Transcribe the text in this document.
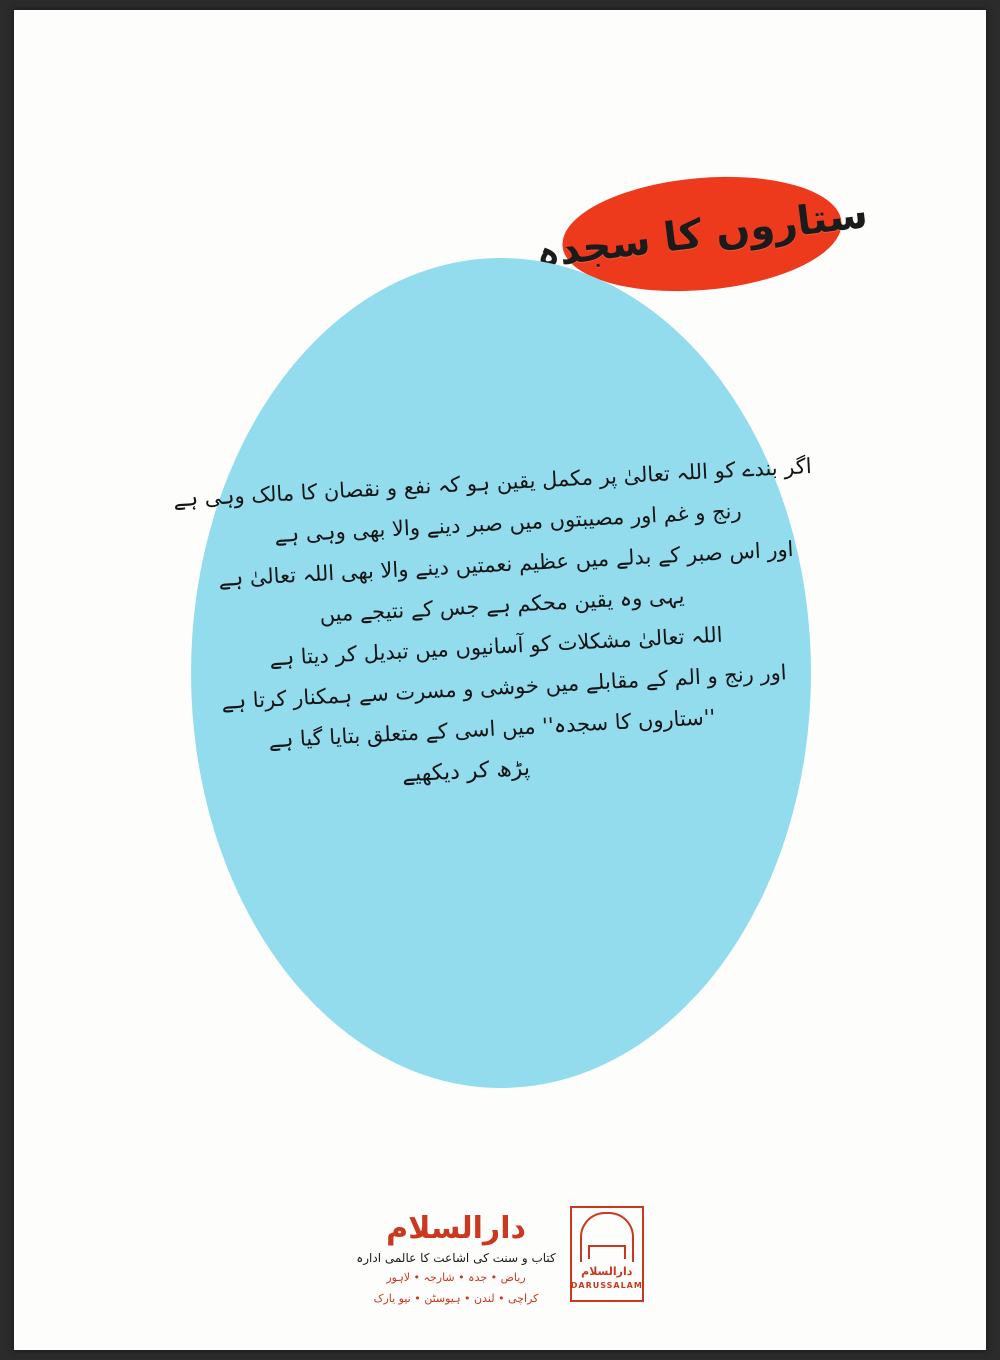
ستاروں کا سجدہ
اگر بندے کو اللہ تعالیٰ پر مکمل یقین ہو کہ نفع و نقصان کا مالک وہی ہے
رنج و غم اور مصیبتوں میں صبر دینے والا بھی وہی ہے
اور اس صبر کے بدلے میں عظیم نعمتیں دینے والا بھی اللہ تعالیٰ ہے
یہی وہ یقین محکم ہے جس کے نتیجے میں
اللہ تعالیٰ مشکلات کو آسانیوں میں تبدیل کر دیتا ہے
اور رنج و الم کے مقابلے میں خوشی و مسرت سے ہمکنار کرتا ہے
''ستاروں کا سجدہ'' میں اسی کے متعلق بتایا گیا ہے
پڑھ کر دیکھیے
دارالسلام
کتاب و سنت کی اشاعت کا عالمی ادارہ
ریاض • جدہ • شارجہ • لاہور
کراچی • لندن • ہیوسٹن • نیو یارک
دارالسلام
DARUSSALAM
